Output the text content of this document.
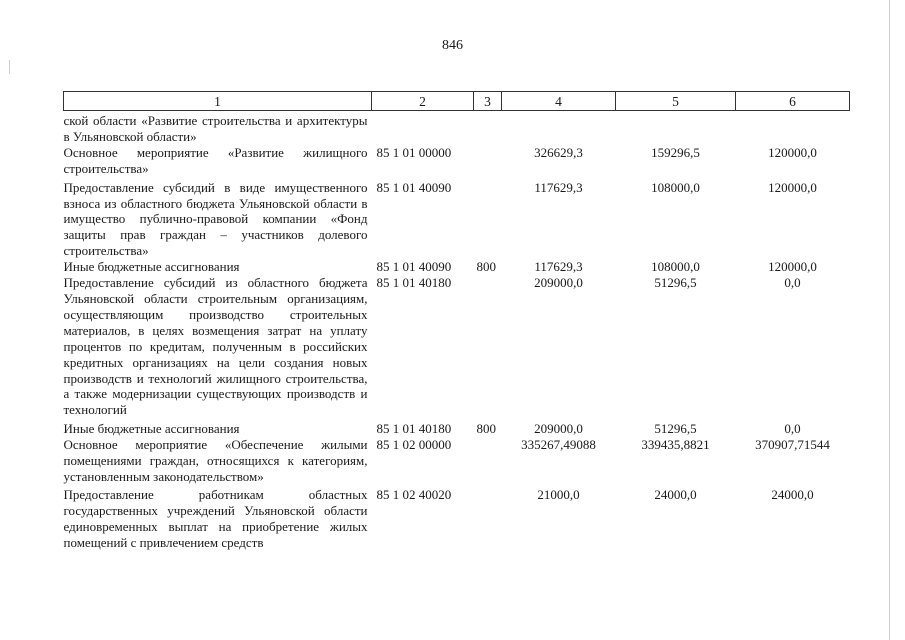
846
1	2	3	4	5	6
ской области «Развитие строительства и архитектуры в Ульяновской области»					
Основное мероприятие «Развитие жилищного строительства»	85 1 01 00000		326629,3	159296,5	120000,0
Предоставление субсидий в виде имущественного взноса из областного бюджета Ульяновской области в имущество публично-правовой компании «Фонд защиты прав граждан – участников долевого строительства»	85 1 01 40090		117629,3	108000,0	120000,0
Иные бюджетные ассигнования	85 1 01 40090	800	117629,3	108000,0	120000,0
Предоставление субсидий из областного бюджета Ульяновской области строительным организациям, осуществляющим производство строительных материалов, в целях возмещения затрат на уплату процентов по кредитам, полученным в российских кредитных организациях на цели создания новых производств и технологий жилищного строительства, а также модернизации существующих производств и технологий	85 1 01 40180		209000,0	51296,5	0,0
Иные бюджетные ассигнования	85 1 01 40180	800	209000,0	51296,5	0,0
Основное мероприятие «Обеспечение жилыми помещениями граждан, относящихся к категориям, установленным законодательством»	85 1 02 00000		335267,49088	339435,8821	370907,71544
Предоставление работникам областных государственных учреждений Ульяновской области единовременных выплат на приобретение жилых помещений с привлечением средств	85 1 02 40020		21000,0	24000,0	24000,0
